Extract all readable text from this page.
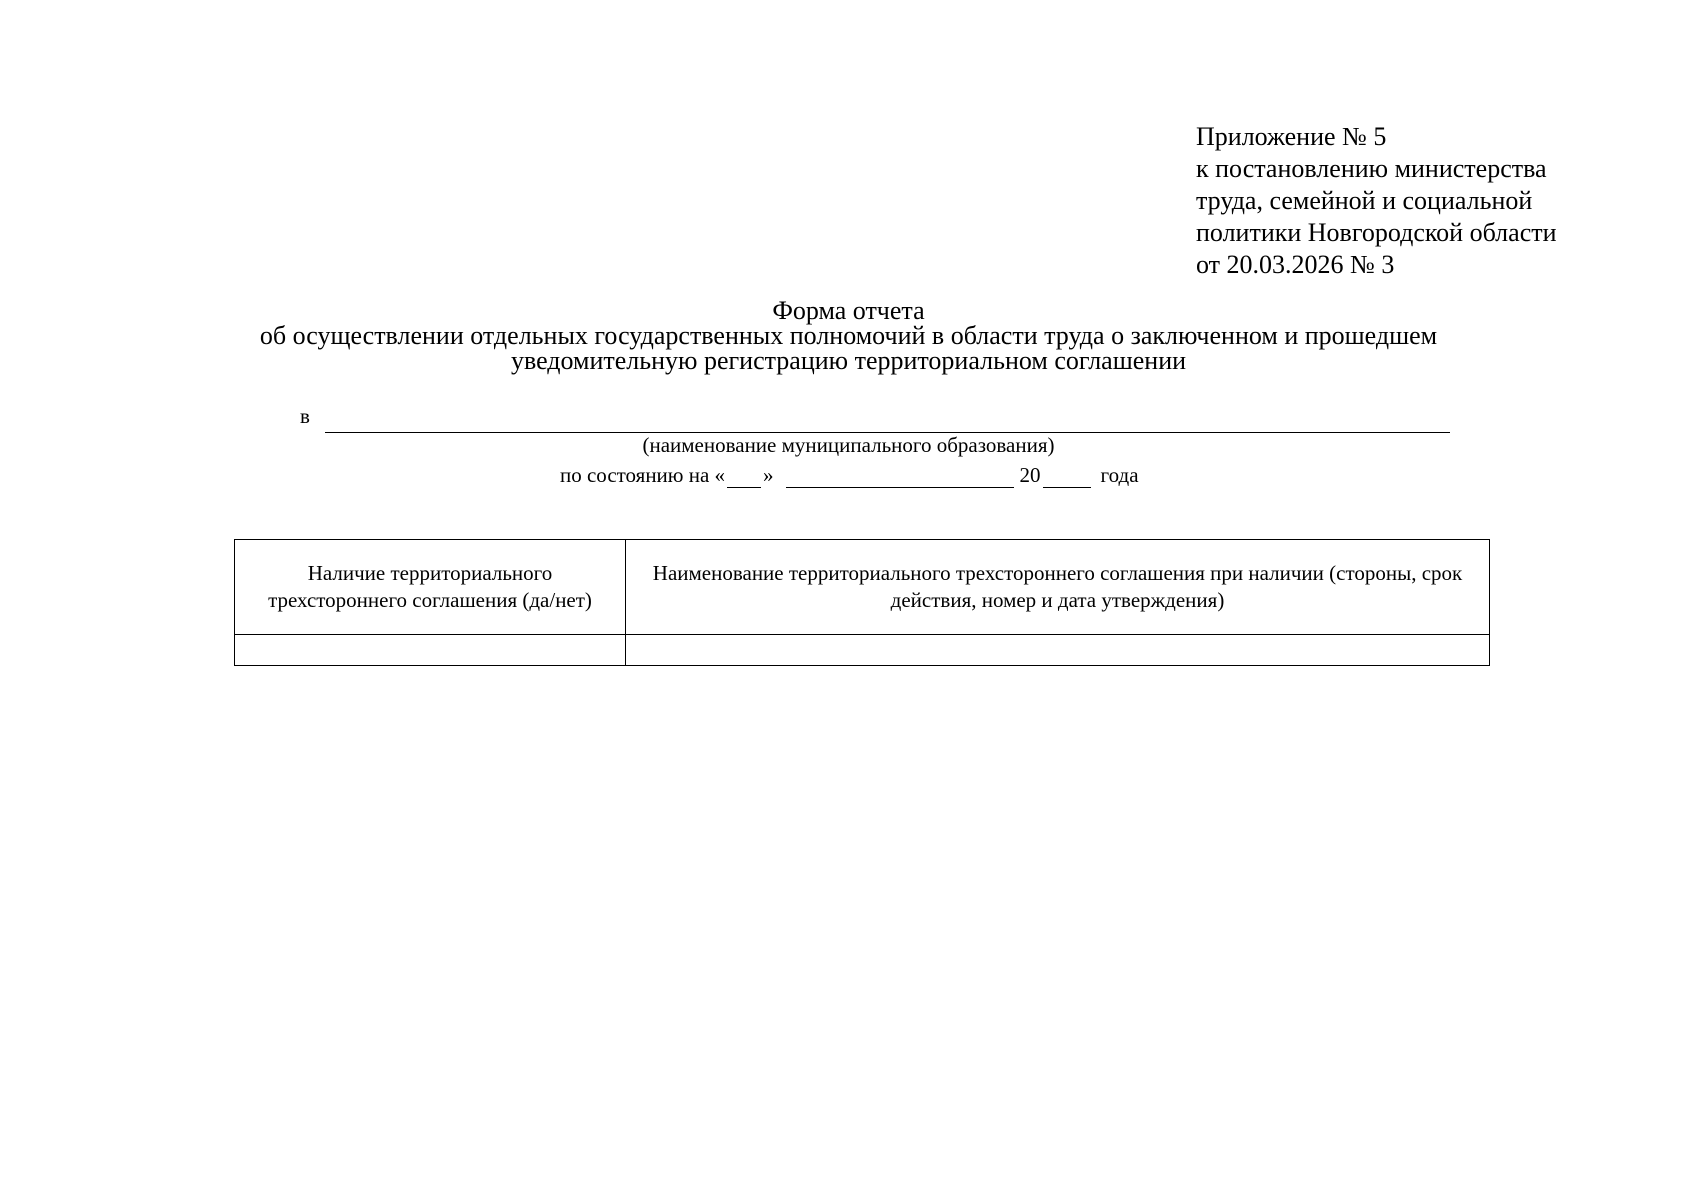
Приложение № 5
к постановлению министерства
труда, семейной и социальной
политики Новгородской области
от 20.03.2026 № 3
Форма отчета
об осуществлении отдельных государственных полномочий в области труда о заключенном и прошедшем
уведомительную регистрацию территориальном соглашении
в
(наименование муниципального образования)
по состоянию на « »	20	года
Наличие территориального трехстороннего соглашения (да/нет)	Наименование территориального трехстороннего соглашения при наличии (стороны, срок действия, номер и дата утверждения)
